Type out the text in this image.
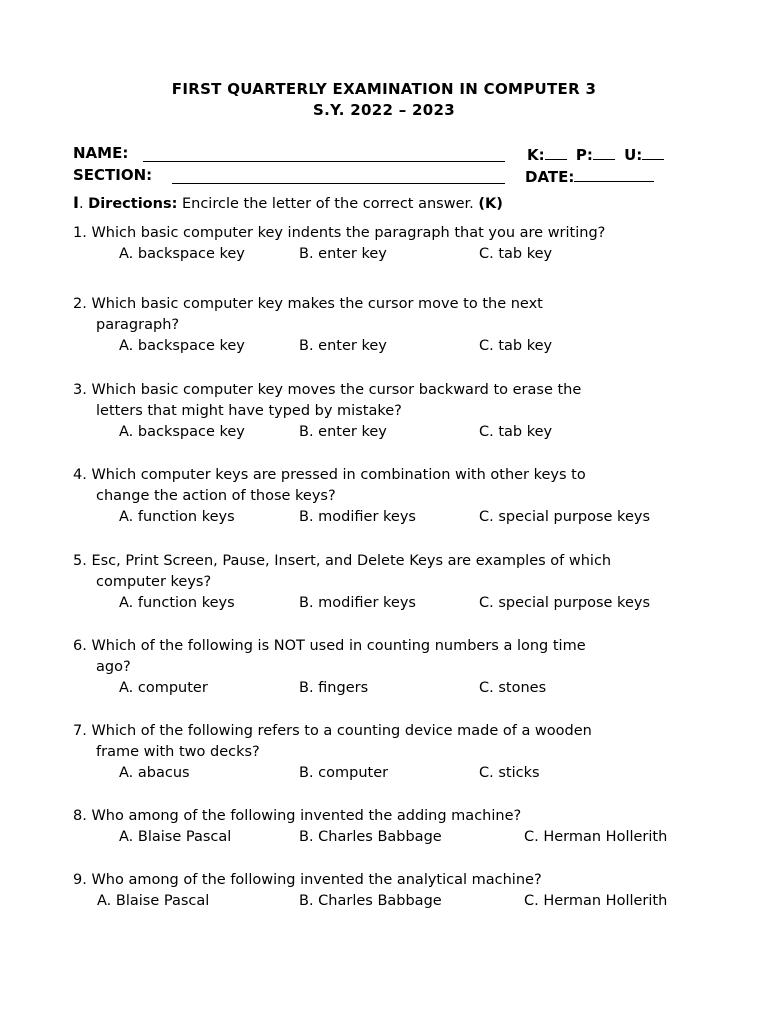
FIRST QUARTERLY EXAMINATION IN COMPUTER 3
S.Y. 2022 – 2023
NAME:	K: P: U:
SECTION:	DATE:
I. Directions: Encircle the letter of the correct answer. (K)
1. Which basic computer key indents the paragraph that you are writing?
A. backspace key	B. enter key	C. tab key
2. Which basic computer key makes the cursor move to the next
paragraph?
A. backspace key	B. enter key	C. tab key
3. Which basic computer key moves the cursor backward to erase the
letters that might have typed by mistake?
A. backspace key	B. enter key	C. tab key
4. Which computer keys are pressed in combination with other keys to
change the action of those keys?
A. function keys	B. modifier keys	C. special purpose keys
5. Esc, Print Screen, Pause, Insert, and Delete Keys are examples of which
computer keys?
A. function keys	B. modifier keys	C. special purpose keys
6. Which of the following is NOT used in counting numbers a long time
ago?
A. computer	B. fingers	C. stones
7. Which of the following refers to a counting device made of a wooden
frame with two decks?
A. abacus	B. computer	C. sticks
8. Who among of the following invented the adding machine?
A. Blaise Pascal	B. Charles Babbage	C. Herman Hollerith
9. Who among of the following invented the analytical machine?
A. Blaise Pascal	B. Charles Babbage	C. Herman Hollerith
